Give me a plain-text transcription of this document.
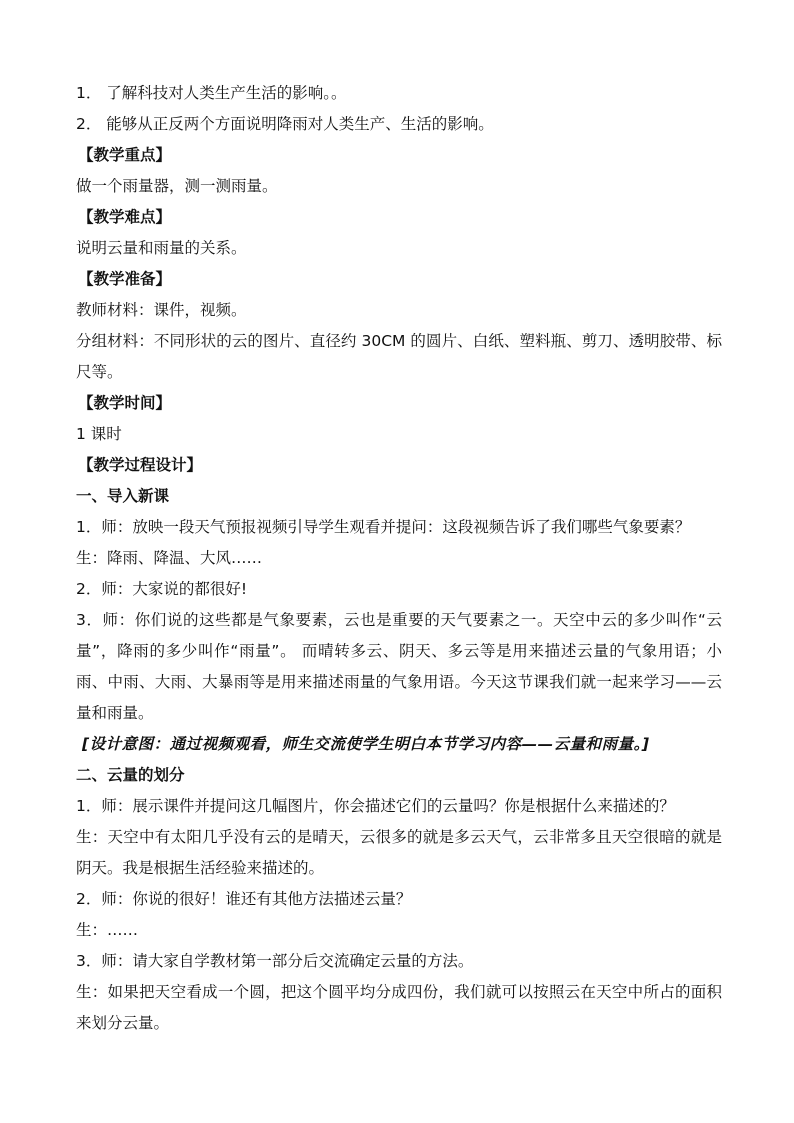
1． 了解科技对人类生产生活的影响。。

2． 能够从正反两个方面说明降雨对人类生产、生活的影响。

【教学重点】

做一个雨量器，测一测雨量。

【教学难点】

说明云量和雨量的关系。

【教学准备】

教师材料：课件，视频。

分组材料：不同形状的云的图片、直径约 30CM 的圆片、白纸、塑料瓶、剪刀、透明胶带、标尺等。

【教学时间】

1 课时

【教学过程设计】

一、导入新课

1．师：放映一段天气预报视频引导学生观看并提问：这段视频告诉了我们哪些气象要素？

生：降雨、降温、大风……

2．师：大家说的都很好!

3．师：你们说的这些都是气象要素，云也是重要的天气要素之一。天空中云的多少叫作“云量”，降雨的多少叫作“雨量”。 而晴转多云、阴天、多云等是用来描述云量的气象用语；小雨、中雨、大雨、大暴雨等是用来描述雨量的气象用语。今天这节课我们就一起来学习——云量和雨量。

[设计意图：通过视频观看，师生交流使学生明白本节学习内容——云量和雨量。]

二、云量的划分

1．师：展示课件并提问这几幅图片，你会描述它们的云量吗？你是根据什么来描述的？

生：天空中有太阳几乎没有云的是晴天，云很多的就是多云天气，云非常多且天空很暗的就是阴天。我是根据生活经验来描述的。

2．师：你说的很好！谁还有其他方法描述云量？

生：……

3．师：请大家自学教材第一部分后交流确定云量的方法。

生：如果把天空看成一个圆，把这个圆平均分成四份，我们就可以按照云在天空中所占的面积来划分云量。
